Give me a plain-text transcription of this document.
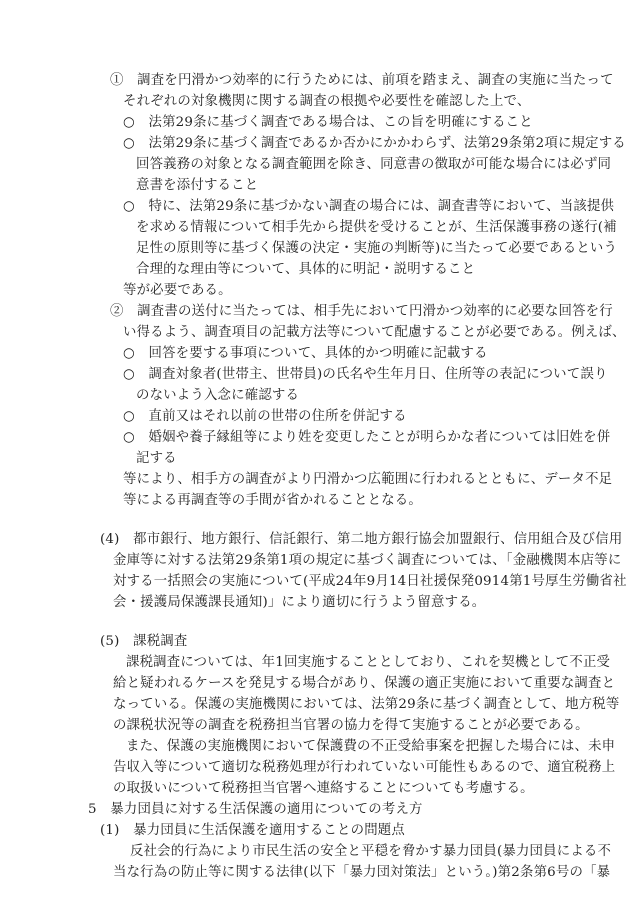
①　調査を円滑かつ効率的に行うためには、前項を踏まえ、調査の実施に当たって
それぞれの対象機関に関する調査の根拠や必要性を確認した上で、
○　法第29条に基づく調査である場合は、この旨を明確にすること
○　法第29条に基づく調査であるか否かにかかわらず、法第29条第2項に規定する
回答義務の対象となる調査範囲を除き、同意書の徴取が可能な場合には必ず同
意書を添付すること
○　特に、法第29条に基づかない調査の場合には、調査書等において、当該提供
を求める情報について相手先から提供を受けることが、生活保護事務の遂行(補
足性の原則等に基づく保護の決定・実施の判断等)に当たって必要であるという
合理的な理由等について、具体的に明記・説明すること
等が必要である。
②　調査書の送付に当たっては、相手先において円滑かつ効率的に必要な回答を行
い得るよう、調査項目の記載方法等について配慮することが必要である。例えば、
○　回答を要する事項について、具体的かつ明確に記載する
○　調査対象者(世帯主、世帯員)の氏名や生年月日、住所等の表記について誤り
のないよう入念に確認する
○　直前又はそれ以前の世帯の住所を併記する
○　婚姻や養子縁組等により姓を変更したことが明らかな者については旧姓を併
記する
等により、相手方の調査がより円滑かつ広範囲に行われるとともに、データ不足
等による再調査等の手間が省かれることとなる。
(4)　都市銀行、地方銀行、信託銀行、第二地方銀行協会加盟銀行、信用組合及び信用
金庫等に対する法第29条第1項の規定に基づく調査については、「金融機関本店等に
対する一括照会の実施について(平成24年9月14日社援保発0914第1号厚生労働省社
会・援護局保護課長通知)」により適切に行うよう留意する。
(5)　課税調査
課税調査については、年1回実施することとしており、これを契機として不正受
給と疑われるケースを発見する場合があり、保護の適正実施において重要な調査と
なっている。保護の実施機関においては、法第29条に基づく調査として、地方税等
の課税状況等の調査を税務担当官署の協力を得て実施することが必要である。
また、保護の実施機関において保護費の不正受給事案を把握した場合には、未申
告収入等について適切な税務処理が行われていない可能性もあるので、適宜税務上
の取扱いについて税務担当官署へ連絡することについても考慮する。
5　暴力団員に対する生活保護の適用についての考え方
(1)　暴力団員に生活保護を適用することの問題点
反社会的行為により市民生活の安全と平穏を脅かす暴力団員(暴力団員による不
当な行為の防止等に関する法律(以下「暴力団対策法」という。)第2条第6号の「暴
